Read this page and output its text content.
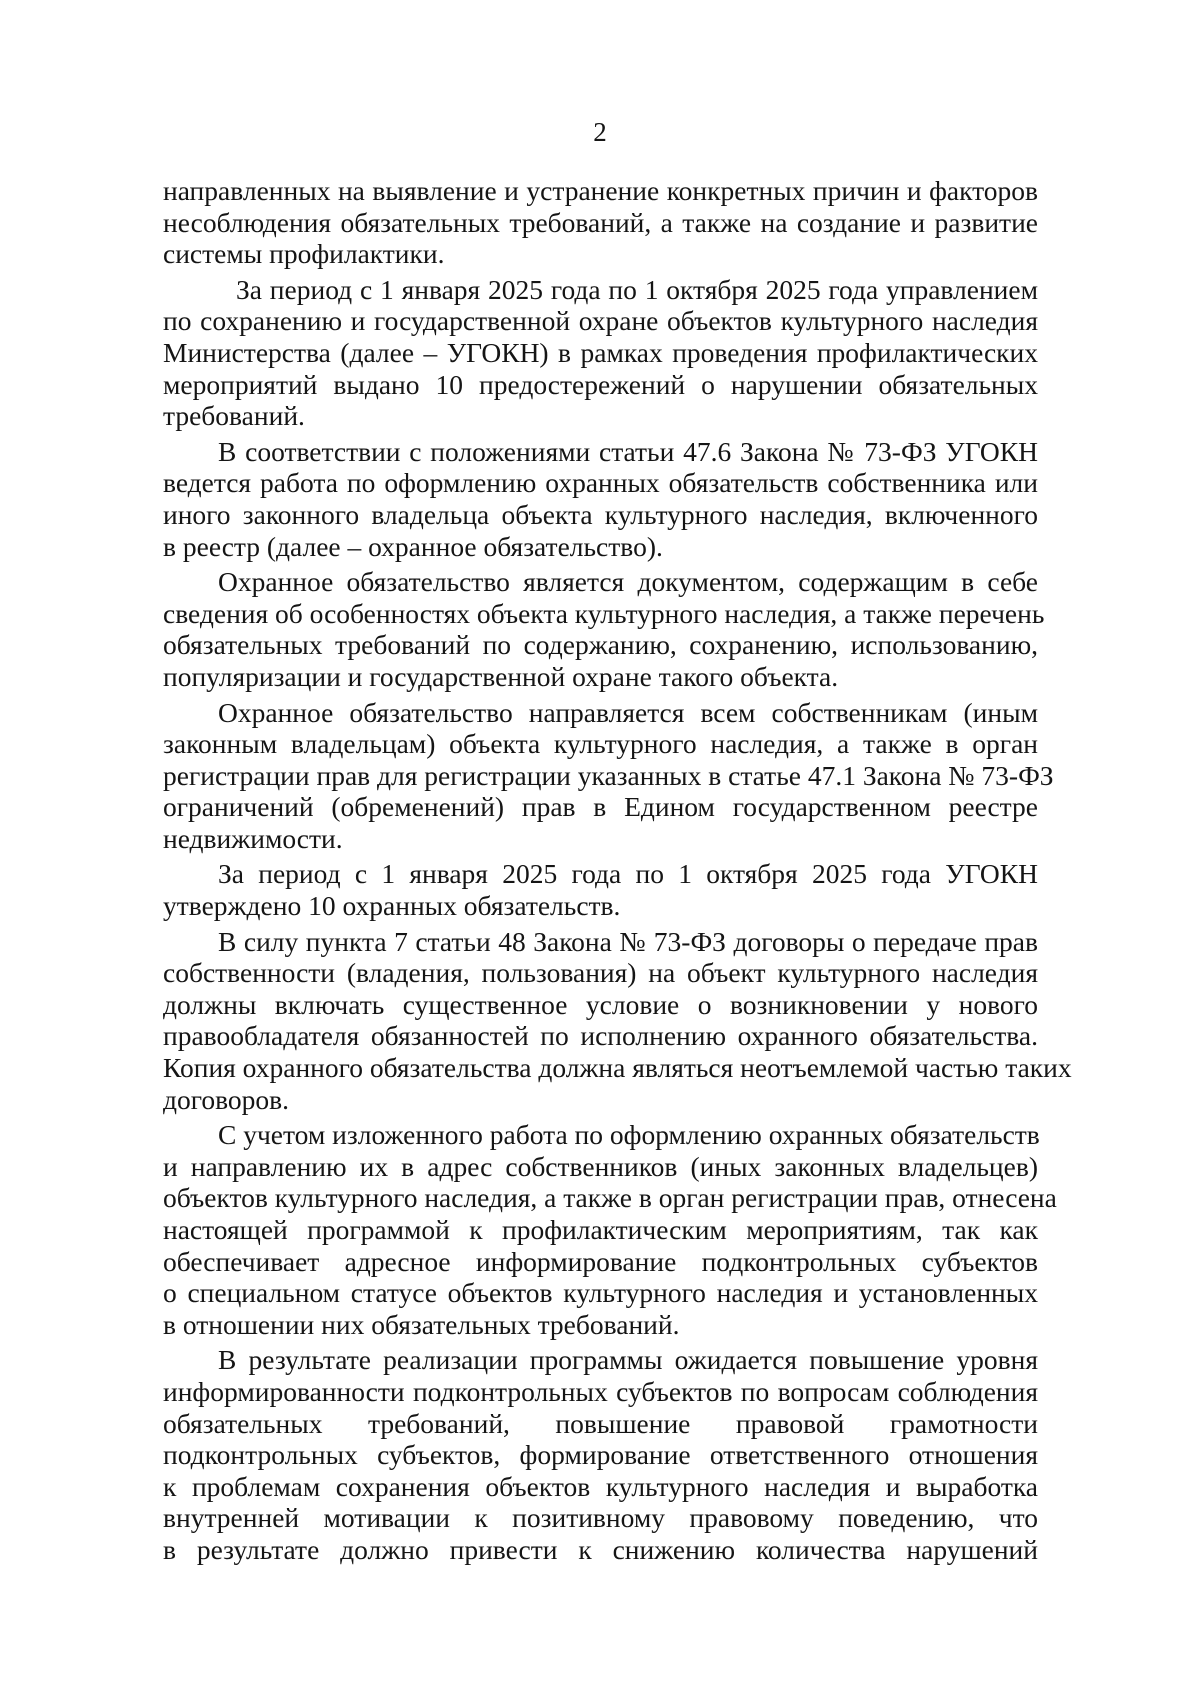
2
направленных на выявление и устранение конкретных причин и факторов
несоблюдения обязательных требований, а также на создание и развитие
системы профилактики.
За период с 1 января 2025 года по 1 октября 2025 года управлением
по сохранению и государственной охране объектов культурного наследия
Министерства (далее – УГОКН) в рамках проведения профилактических
мероприятий выдано 10 предостережений о нарушении обязательных
требований.
В соответствии с положениями статьи 47.6 Закона № 73-ФЗ УГОКН
ведется работа по оформлению охранных обязательств собственника или
иного законного владельца объекта культурного наследия, включенного
в реестр (далее – охранное обязательство).
Охранное обязательство является документом, содержащим в себе
сведения об особенностях объекта культурного наследия, а также перечень
обязательных требований по содержанию, сохранению, использованию,
популяризации и государственной охране такого объекта.
Охранное обязательство направляется всем собственникам (иным
законным владельцам) объекта культурного наследия, а также в орган
регистрации прав для регистрации указанных в статье 47.1 Закона № 73-ФЗ
ограничений (обременений) прав в Едином государственном реестре
недвижимости.
За период с 1 января 2025 года по 1 октября 2025 года УГОКН
утверждено 10 охранных обязательств.
В силу пункта 7 статьи 48 Закона № 73-ФЗ договоры о передаче прав
собственности (владения, пользования) на объект культурного наследия
должны включать существенное условие о возникновении у нового
правообладателя обязанностей по исполнению охранного обязательства.
Копия охранного обязательства должна являться неотъемлемой частью таких
договоров.
С учетом изложенного работа по оформлению охранных обязательств
и направлению их в адрес собственников (иных законных владельцев)
объектов культурного наследия, а также в орган регистрации прав, отнесена
настоящей программой к профилактическим мероприятиям, так как
обеспечивает адресное информирование подконтрольных субъектов
о специальном статусе объектов культурного наследия и установленных
в отношении них обязательных требований.
В результате реализации программы ожидается повышение уровня
информированности подконтрольных субъектов по вопросам соблюдения
обязательных требований, повышение правовой грамотности
подконтрольных субъектов, формирование ответственного отношения
к проблемам сохранения объектов культурного наследия и выработка
внутренней мотивации к позитивному правовому поведению, что
в результате должно привести к снижению количества нарушений
